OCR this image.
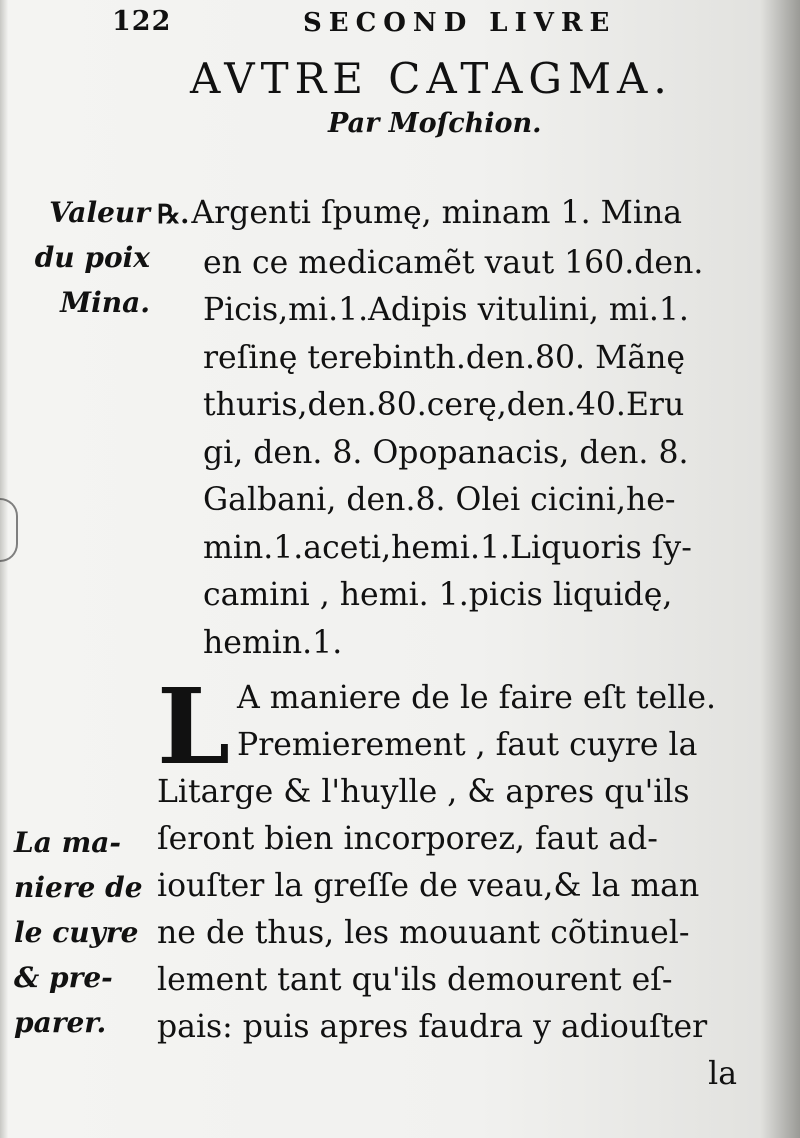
122	SECOND LIVRE
AVTRE CATAGMA.
Par Moſchion.
Valeur
du poix
Mina.
℞.Argenti ſpumę, minam 1. Mina
en ce medicamẽt vaut 160.den.
Picis,mi.1.Adipis vitulini, mi.1.
reſinę terebinth.den.80. Mãnę
thuris,den.80.cerę,den.40.Eru
gi, den. 8. Opopanacis, den. 8.
Galbani, den.8. Olei cicini,he-
min.1.aceti,hemi.1.Liquoris ſy-
camini , hemi. 1.picis liquidę,
hemin.1.
L A maniere de le faire eſt telle.
Premierement , faut cuyre la
Litarge & l'huylle , & apres qu'ils
ſeront bien incorporez, faut ad-
iouſter la greſſe de veau,& la man
ne de thus, les mouuant cõtinuel-
lement tant qu'ils demourent eſ-
pais: puis apres faudra y adiouſter
la
La ma-
niere de
le cuyre
& pre-
parer.
